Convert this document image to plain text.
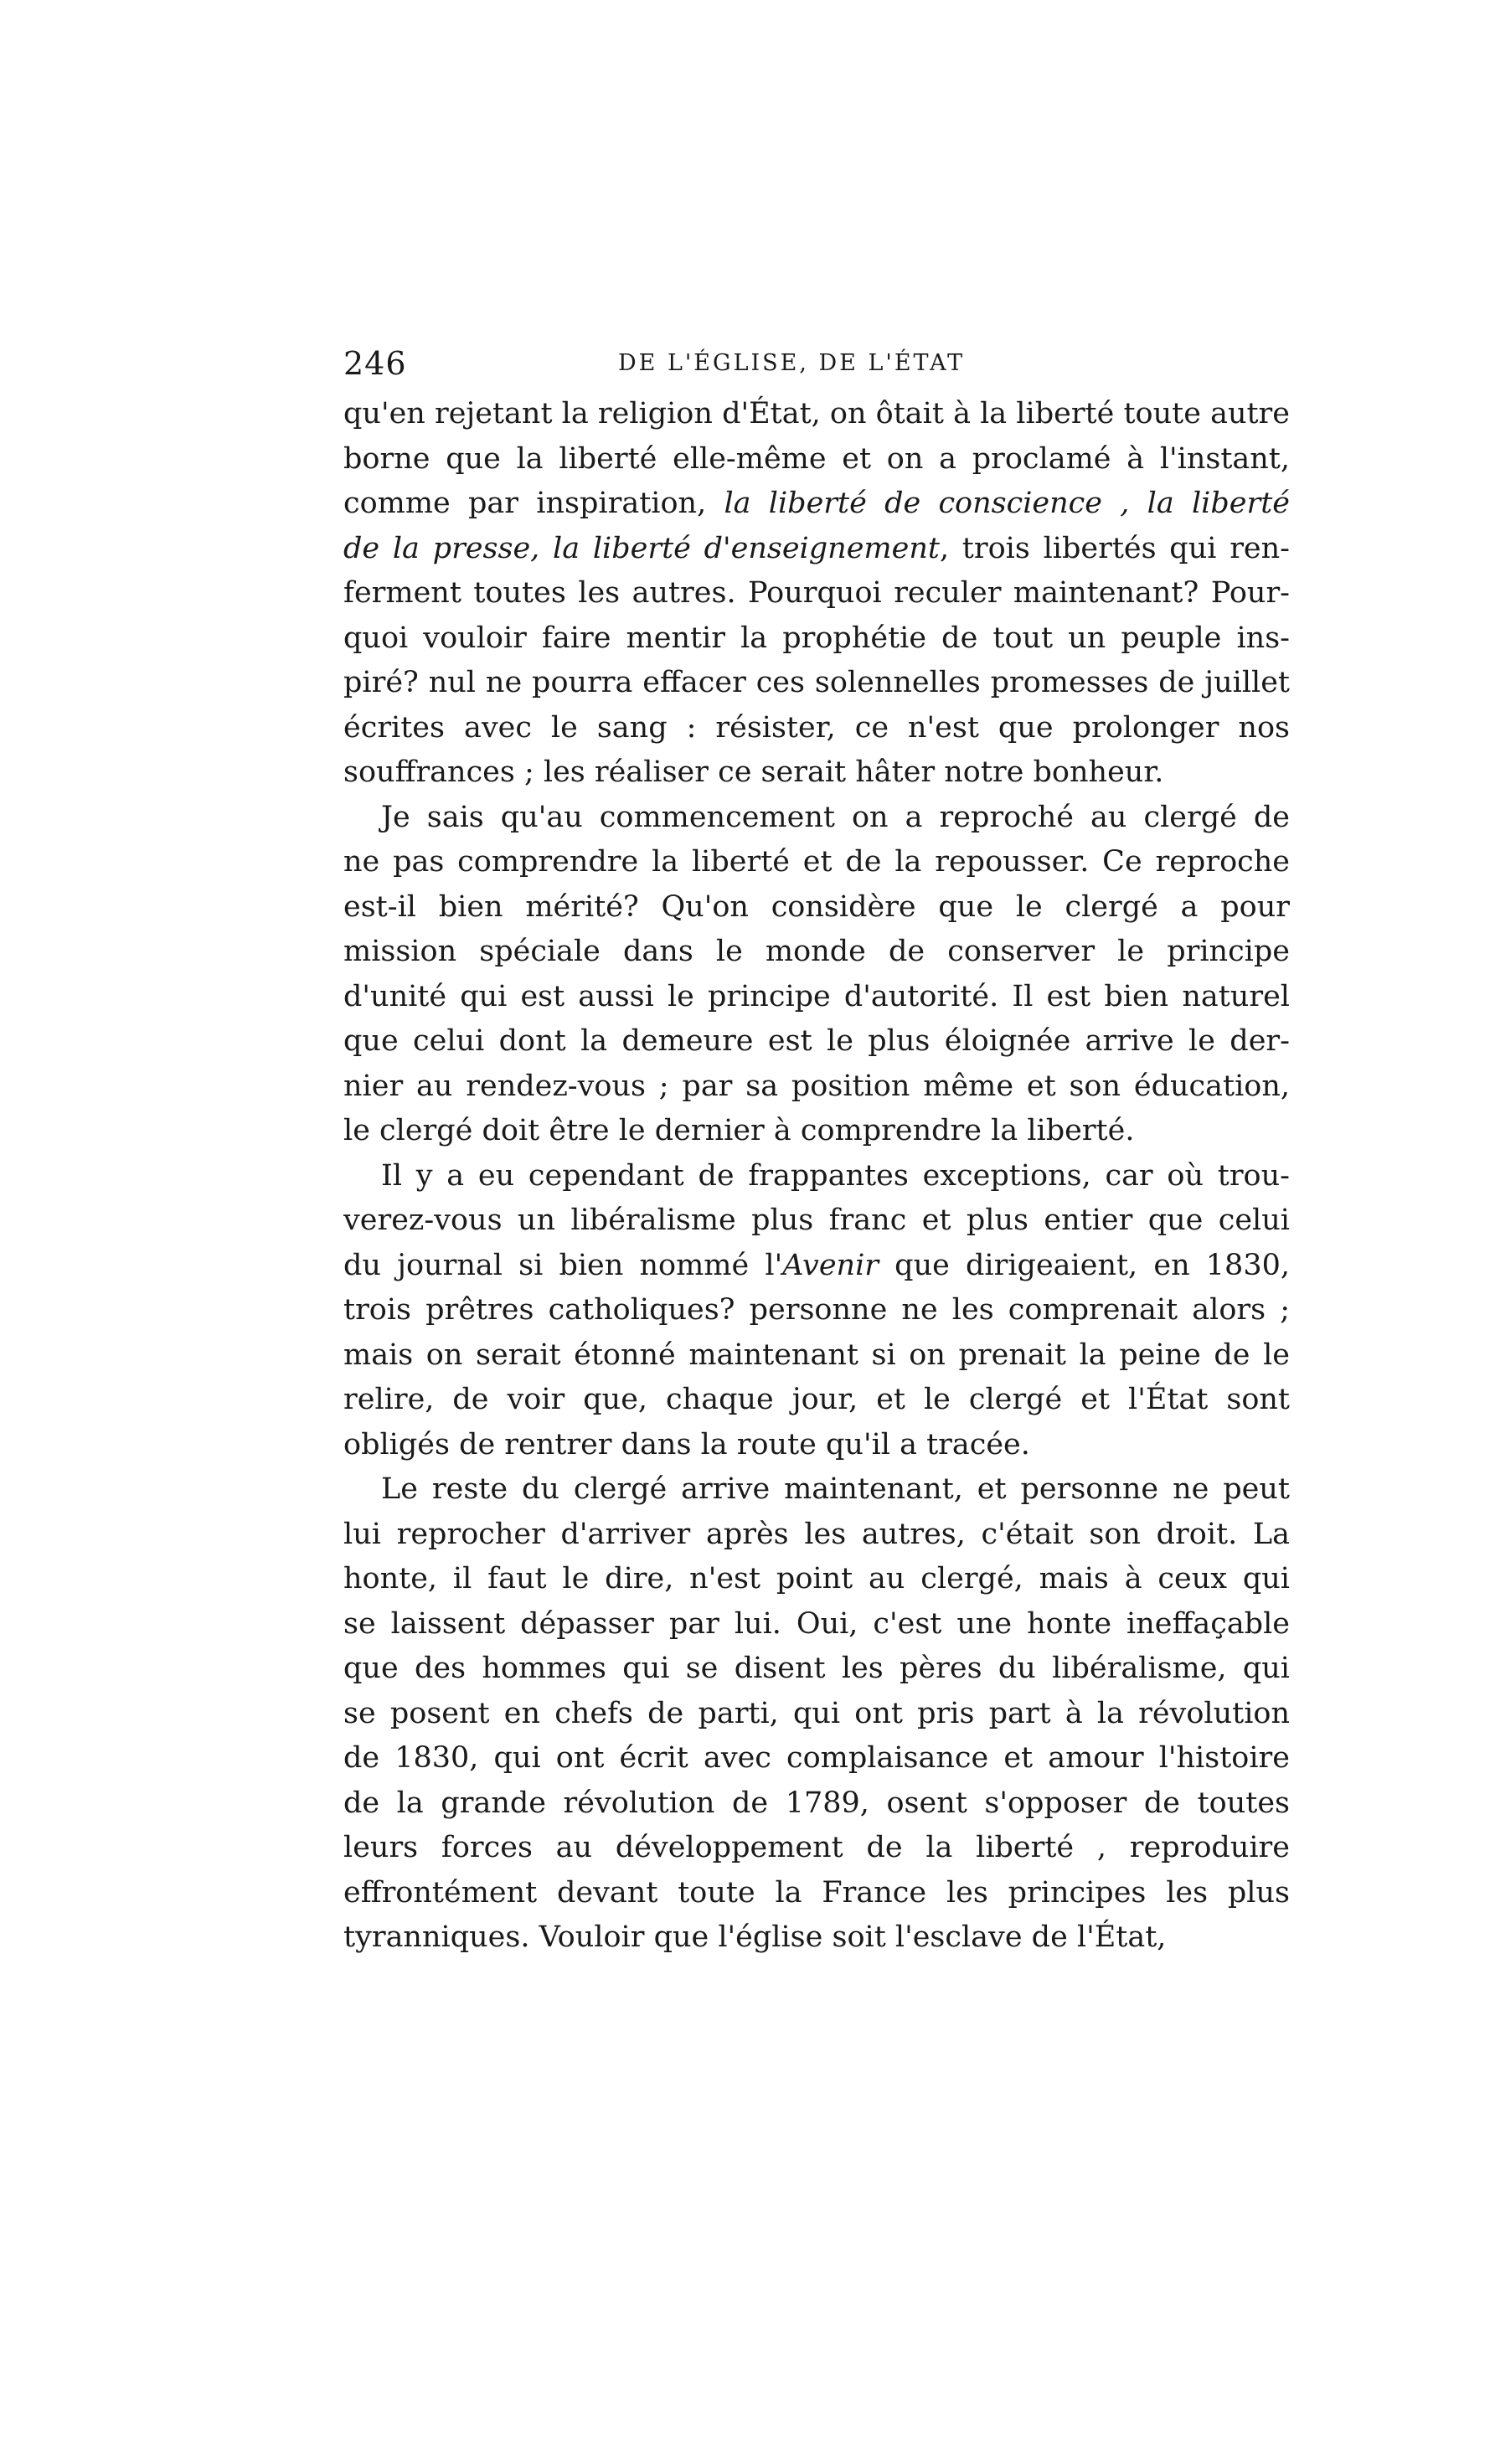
246	DE L'ÉGLISE, DE L'ÉTAT
qu'en rejetant la religion d'État, on ôtait à la liberté toute autre
borne que la liberté elle-même et on a proclamé à l'instant,
comme par inspiration, la liberté de conscience , la liberté
de la presse, la liberté d'enseignement, trois libertés qui ren-
ferment toutes les autres. Pourquoi reculer maintenant? Pour-
quoi vouloir faire mentir la prophétie de tout un peuple ins-
piré? nul ne pourra effacer ces solennelles promesses de juillet
écrites avec le sang : résister, ce n'est que prolonger nos
souffrances ; les réaliser ce serait hâter notre bonheur.
Je sais qu'au commencement on a reproché au clergé de
ne pas comprendre la liberté et de la repousser. Ce reproche
est-il bien mérité? Qu'on considère que le clergé a pour
mission spéciale dans le monde de conserver le principe
d'unité qui est aussi le principe d'autorité. Il est bien naturel
que celui dont la demeure est le plus éloignée arrive le der-
nier au rendez-vous ; par sa position même et son éducation,
le clergé doit être le dernier à comprendre la liberté.
Il y a eu cependant de frappantes exceptions, car où trou-
verez-vous un libéralisme plus franc et plus entier que celui
du journal si bien nommé l'Avenir que dirigeaient, en 1830,
trois prêtres catholiques? personne ne les comprenait alors ;
mais on serait étonné maintenant si on prenait la peine de le
relire, de voir que, chaque jour, et le clergé et l'État sont
obligés de rentrer dans la route qu'il a tracée.
Le reste du clergé arrive maintenant, et personne ne peut
lui reprocher d'arriver après les autres, c'était son droit. La
honte, il faut le dire, n'est point au clergé, mais à ceux qui
se laissent dépasser par lui. Oui, c'est une honte ineffaçable
que des hommes qui se disent les pères du libéralisme, qui
se posent en chefs de parti, qui ont pris part à la révolution
de 1830, qui ont écrit avec complaisance et amour l'histoire
de la grande révolution de 1789, osent s'opposer de toutes
leurs forces au développement de la liberté , reproduire
effrontément devant toute la France les principes les plus
tyranniques. Vouloir que l'église soit l'esclave de l'État,
